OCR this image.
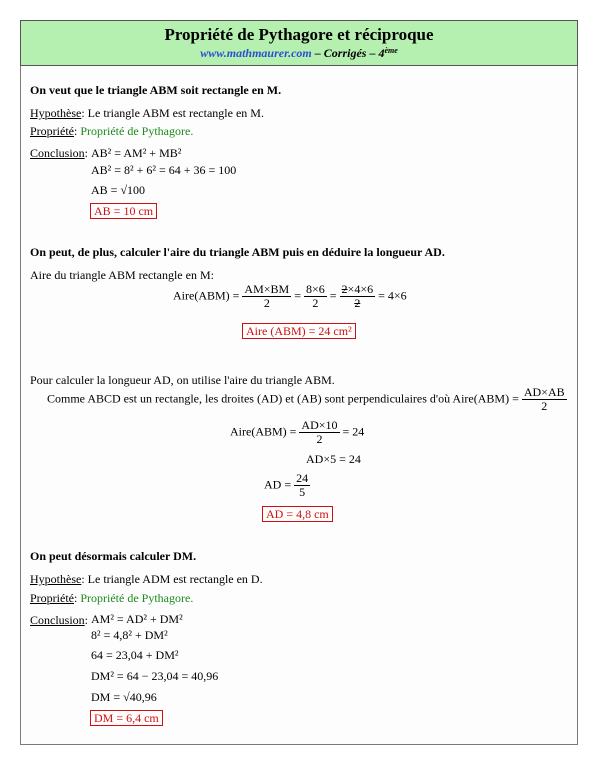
Propriété de Pythagore et réciproque
www.mathmaurer.com – Corrigés – 4ème
On veut que le triangle ABM soit rectangle en M.
Hypothèse: Le triangle ABM est rectangle en M.
Propriété: Propriété de Pythagore.
Conclusion: AB² = AM² + MB²
AB² = 8² + 6² = 64 + 36 = 100
AB = √100
AB = 10 cm
On peut, de plus, calculer l'aire du triangle ABM puis en déduire la longueur AD.
Aire du triangle ABM rectangle en M:
Aire(ABM) = $\frac{AM\times BM}{2} = \frac{8\times 6}{2} = \frac{2\times 4\times 6}{2} = 4\times 6$
Aire (ABM) = 24 cm²
Pour calculer la longueur AD, on utilise l'aire du triangle ABM.
Comme ABCD est un rectangle, les droites (AD) et (AB) sont perpendiculaires d'où Aire(ABM) = $\frac{AD\times AB}{2}$
Aire(ABM) = $\frac{AD\times 10}{2} = 24$
AD×5 = 24
AD = $\frac{24}{5}$
AD = 4,8 cm
On peut désormais calculer DM.
Hypothèse: Le triangle ADM est rectangle en D.
Propriété: Propriété de Pythagore.
Conclusion: AM² = AD² + DM²
8² = 4,8² + DM²
64 = 23,04 + DM²
DM² = 64 − 23,04 = 40,96
DM = √40,96
DM = 6,4 cm
